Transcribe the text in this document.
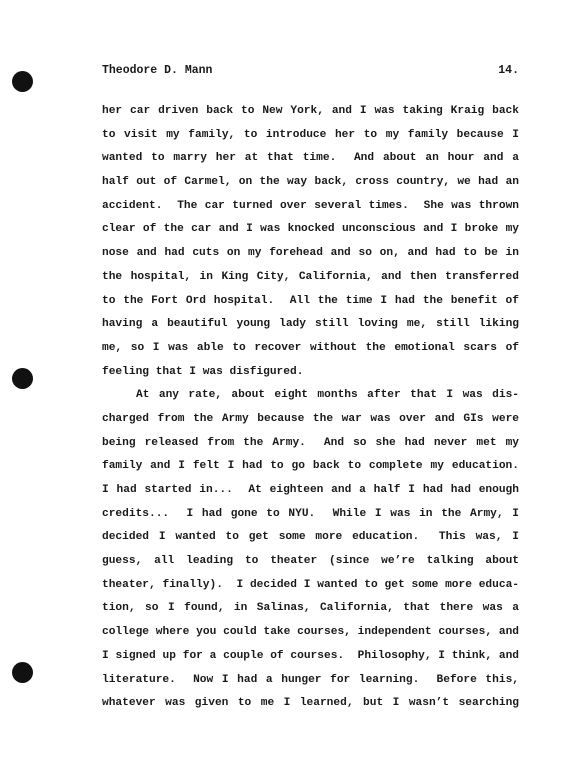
Theodore D. Mann	14.
her car driven back to New York, and I was taking Kraig back
to visit my family, to introduce her to my family because I
wanted to marry her at that time.  And about an hour and a
half out of Carmel, on the way back, cross country, we had an
accident.  The car turned over several times.  She was thrown
clear of the car and I was knocked unconscious and I broke my
nose and had cuts on my forehead and so on, and had to be in
the hospital, in King City, California, and then transferred
to the Fort Ord hospital.  All the time I had the benefit of
having a beautiful young lady still loving me, still liking
me, so I was able to recover without the emotional scars of
feeling that I was disfigured.
At any rate, about eight months after that I was dis-
charged from the Army because the war was over and GIs were
being released from the Army.  And so she had never met my
family and I felt I had to go back to complete my education.
I had started in...  At eighteen and a half I had had enough
credits...  I had gone to NYU.  While I was in the Army, I
decided I wanted to get some more education.  This was, I
guess, all leading to theater (since we’re talking about
theater, finally).  I decided I wanted to get some more educa-
tion, so I found, in Salinas, California, that there was a
college where you could take courses, independent courses, and
I signed up for a couple of courses.  Philosophy, I think, and
literature.  Now I had a hunger for learning.  Before this,
whatever was given to me I learned, but I wasn’t searching
